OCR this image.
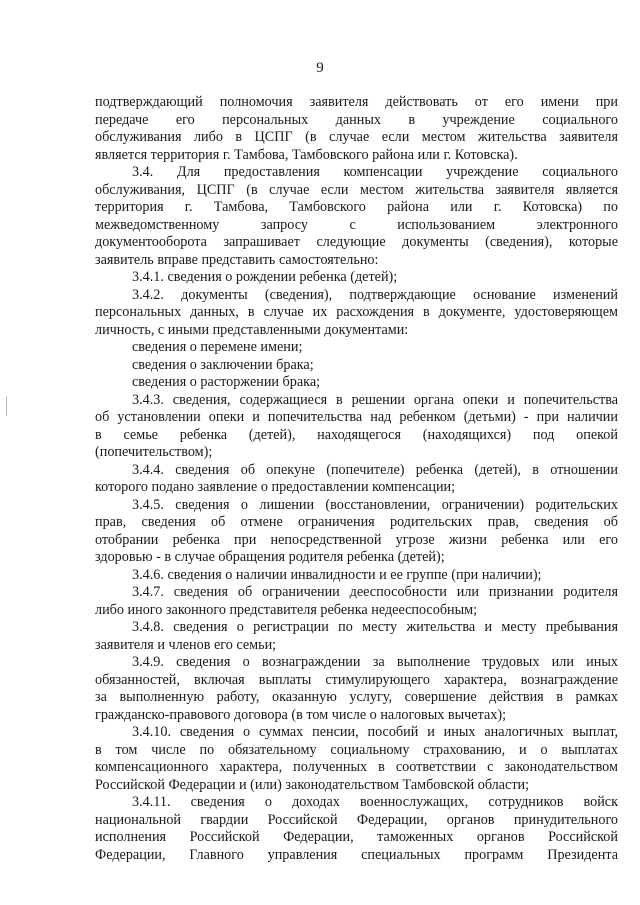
9
подтверждающий полномочия заявителя действовать от его имени при
передаче его персональных данных в учреждение социального
обслуживания либо в ЦСПГ (в случае если местом жительства заявителя
является территория г. Тамбова, Тамбовского района или г. Котовска).
3.4. Для предоставления компенсации учреждение социального
обслуживания, ЦСПГ (в случае если местом жительства заявителя является
территория г. Тамбова, Тамбовского района или г. Котовска) по
межведомственному запросу с использованием электронного
документооборота запрашивает следующие документы (сведения), которые
заявитель вправе представить самостоятельно:
3.4.1. сведения о рождении ребенка (детей);
3.4.2. документы (сведения), подтверждающие основание изменений
персональных данных, в случае их расхождения в документе, удостоверяющем
личность, с иными представленными документами:
сведения о перемене имени;
сведения о заключении брака;
сведения о расторжении брака;
3.4.3. сведения, содержащиеся в решении органа опеки и попечительства
об установлении опеки и попечительства над ребенком (детьми) - при наличии
в семье ребенка (детей), находящегося (находящихся) под опекой
(попечительством);
3.4.4. сведения об опекуне (попечителе) ребенка (детей), в отношении
которого подано заявление о предоставлении компенсации;
3.4.5. сведения о лишении (восстановлении, ограничении) родительских
прав, сведения об отмене ограничения родительских прав, сведения об
отобрании ребенка при непосредственной угрозе жизни ребенка или его
здоровью - в случае обращения родителя ребенка (детей);
3.4.6. сведения о наличии инвалидности и ее группе (при наличии);
3.4.7. сведения об ограничении дееспособности или признании родителя
либо иного законного представителя ребенка недееспособным;
3.4.8. сведения о регистрации по месту жительства и месту пребывания
заявителя и членов его семьи;
3.4.9. сведения о вознаграждении за выполнение трудовых или иных
обязанностей, включая выплаты стимулирующего характера, вознаграждение
за выполненную работу, оказанную услугу, совершение действия в рамках
гражданско-правового договора (в том числе о налоговых вычетах);
3.4.10. сведения о суммах пенсии, пособий и иных аналогичных выплат,
в том числе по обязательному социальному страхованию, и о выплатах
компенсационного характера, полученных в соответствии с законодательством
Российской Федерации и (или) законодательством Тамбовской области;
3.4.11. сведения о доходах военнослужащих, сотрудников войск
национальной гвардии Российской Федерации, органов принудительного
исполнения Российской Федерации, таможенных органов Российской
Федерации, Главного управления специальных программ Президента
